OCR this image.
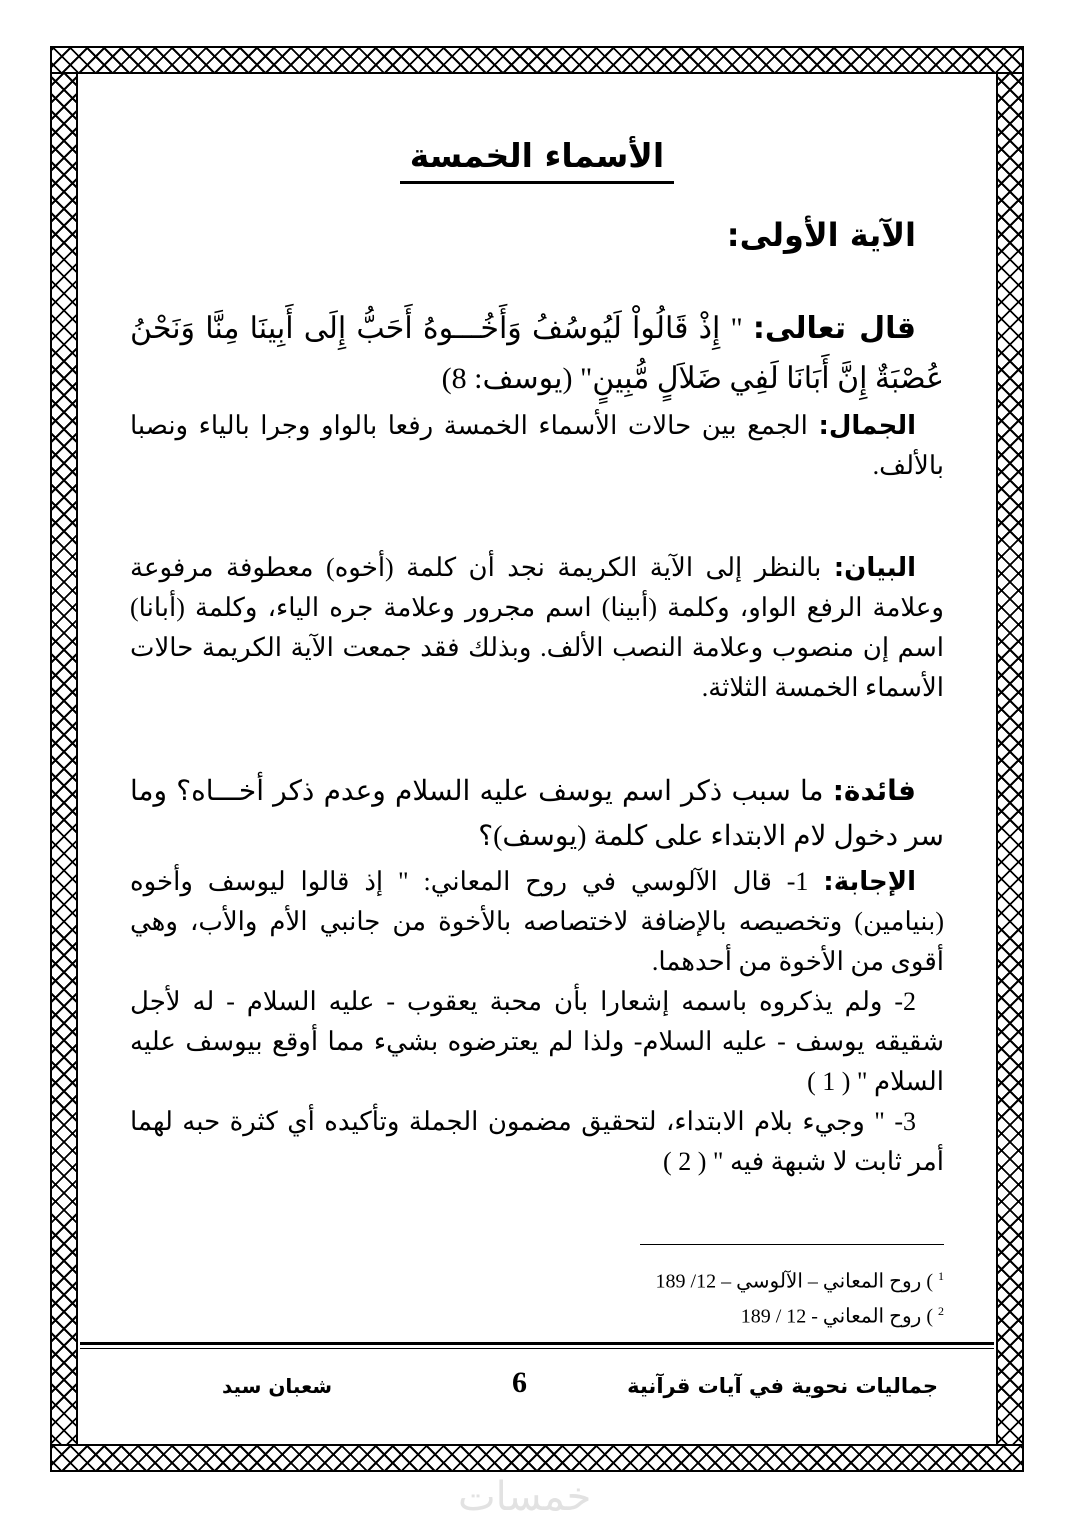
الأسماء الخمسة
الآية الأولى:
قال تعالى: " إِذْ قَالُواْ لَيُوسُفُ وَأَخُـــوهُ أَحَبُّ إِلَى أَبِينَا مِنَّا وَنَحْنُ عُصْبَةٌ إِنَّ أَبَانَا لَفِي ضَلاَلٍ مُّبِينٍ" (يوسف: 8)
الجمال: الجمع بين حالات الأسماء الخمسة رفعا بالواو وجرا بالياء ونصبا بالألف.
البيان: بالنظر إلى الآية الكريمة نجد أن كلمة (أخوه) معطوفة مرفوعة وعلامة الرفع الواو، وكلمة (أبينا) اسم مجرور وعلامة جره الياء، وكلمة (أبانا) اسم إن منصوب وعلامة النصب الألف. وبذلك فقد جمعت الآية الكريمة حالات الأسماء الخمسة الثلاثة.
فائدة: ما سبب ذكر اسم يوسف عليه السلام وعدم ذكر أخـــاه؟ وما سر دخول لام الابتداء على كلمة (يوسف)؟

الإجابة: 1- قال الآلوسي في روح المعاني: " إذ قالوا ليوسف وأخوه (بنيامين) وتخصيصه بالإضافة لاختصاصه بالأخوة من جانبي الأم والأب، وهي أقوى من الأخوة من أحدهما.

2- ولم يذكروه باسمه إشعارا بأن محبة يعقوب - عليه السلام - له لأجل شقيقه يوسف - عليه السلام- ولذا لم يعترضوه بشيء مما أوقع بيوسف عليه السلام " ( 1 )

3- " وجيء بلام الابتداء، لتحقيق مضمون الجملة وتأكيده أي كثرة حبه لهما أمر ثابت لا شبهة فيه " ( 2 )

$^1$ ) روح المعاني – الآلوسي – 12/ 189
$^2$ ) روح المعاني - 12 / 189
جماليات نحوية في آيات قرآنية
6
شعبان سيد
خمسات
